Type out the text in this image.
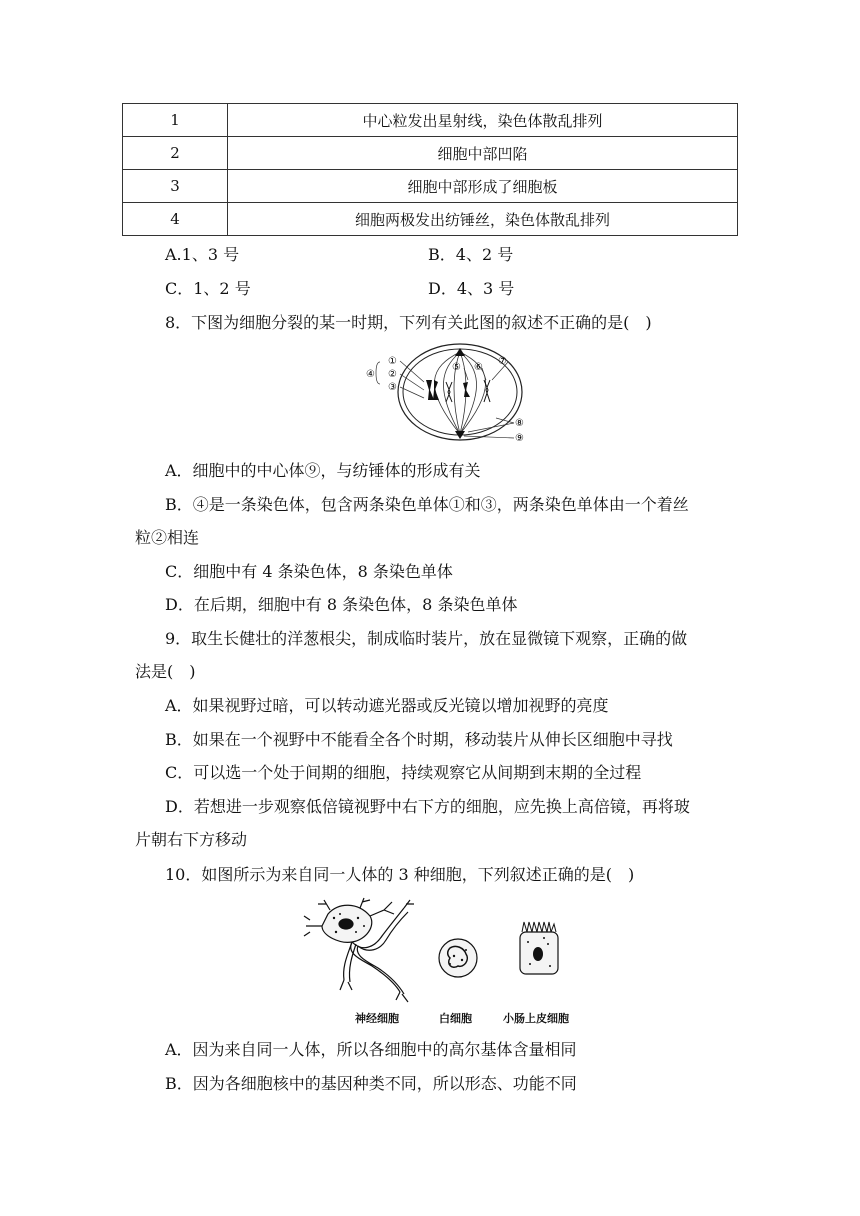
1	中心粒发出星射线，染色体散乱排列
2	细胞中部凹陷
3	细胞中部形成了细胞板
4	细胞两极发出纺锤丝，染色体散乱排列
A.1、3 号	B．4、2 号
C．1、2 号	D．4、3 号
8．下图为细胞分裂的某一时期，下列有关此图的叙述不正确的是(　)
①
②
③
④
⑤ ⑥
⑦
⑧
⑨
A．细胞中的中心体⑨，与纺锤体的形成有关
B．④是一条染色体，包含两条染色单体①和③，两条染色单体由一个着丝
粒②相连
C．细胞中有 4 条染色体，8 条染色单体
D．在后期，细胞中有 8 条染色体，8 条染色单体
9．取生长健壮的洋葱根尖，制成临时装片，放在显微镜下观察，正确的做
法是(　)
A．如果视野过暗，可以转动遮光器或反光镜以增加视野的亮度
B．如果在一个视野中不能看全各个时期，移动装片从伸长区细胞中寻找
C．可以选一个处于间期的细胞，持续观察它从间期到末期的全过程
D．若想进一步观察低倍镜视野中右下方的细胞，应先换上高倍镜，再将玻
片朝右下方移动
10．如图所示为来自同一人体的 3 种细胞，下列叙述正确的是(　)
神经细胞	白细胞	小肠上皮细胞
A．因为来自同一人体，所以各细胞中的高尔基体含量相同
B．因为各细胞核中的基因种类不同，所以形态、功能不同
